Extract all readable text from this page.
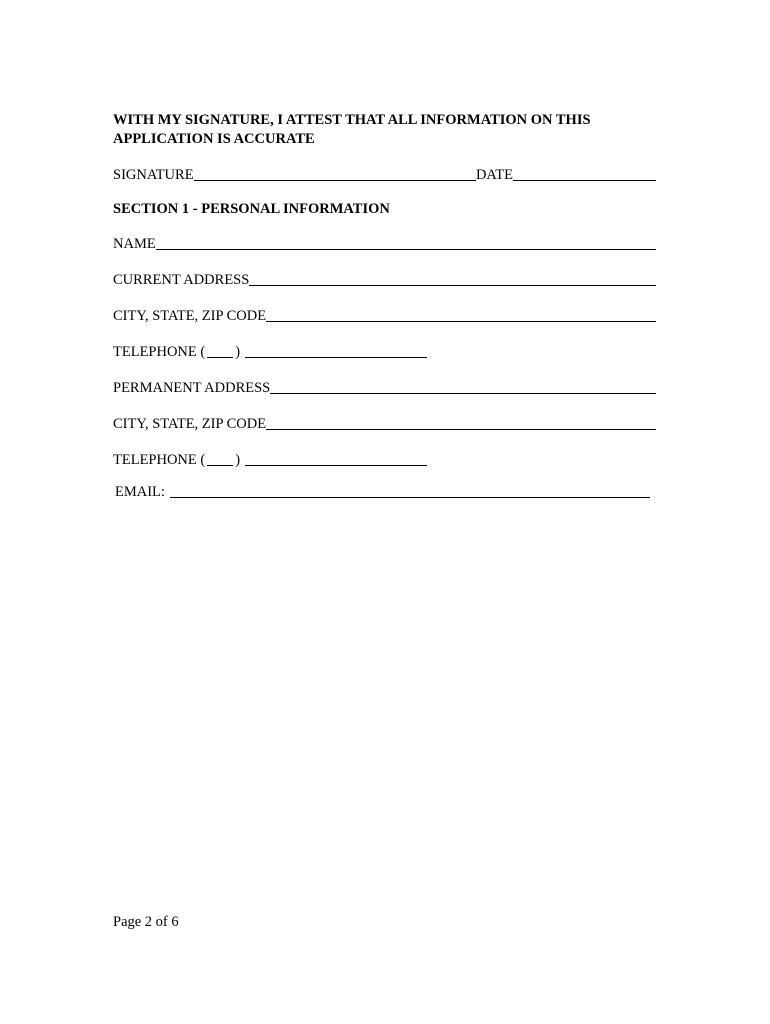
WITH MY SIGNATURE, I ATTEST THAT ALL INFORMATION ON THIS APPLICATION IS ACCURATE
SIGNATURE	DATE
SECTION 1 - PERSONAL INFORMATION
NAME
CURRENT ADDRESS
CITY, STATE, ZIP CODE
TELEPHONE ( )
PERMANENT ADDRESS
CITY, STATE, ZIP CODE
TELEPHONE ( )
EMAIL:
Page 2 of 6
